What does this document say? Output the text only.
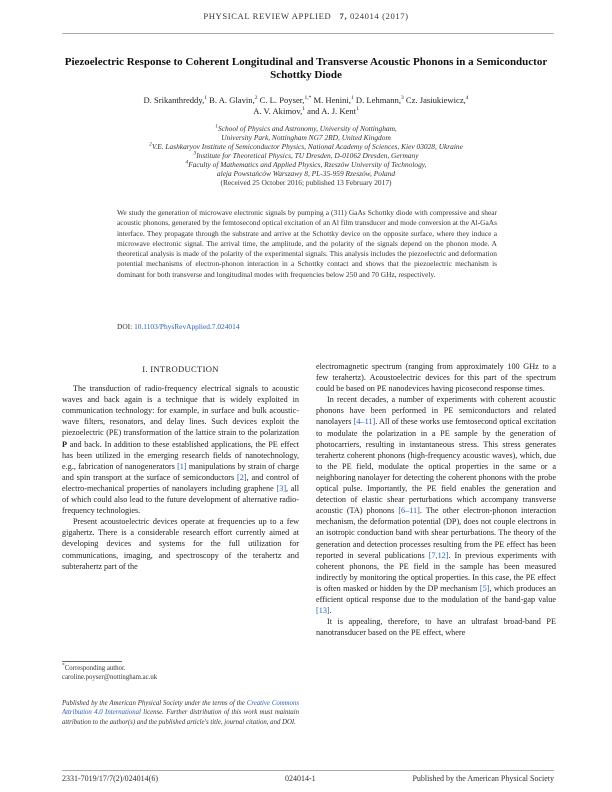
PHYSICAL REVIEW APPLIED 7, 024014 (2017)
Piezoelectric Response to Coherent Longitudinal and Transverse Acoustic Phonons in a Semiconductor Schottky Diode
D. Srikanthreddy,$^1$ B. A. Glavin,$^2$ C. L. Poyser,$^{1,*}$ M. Henini,$^1$ D. Lehmann,$^3$ Cz. Jasiukiewicz,$^4$
A. V. Akimov,$^1$ and A. J. Kent$^1$
$^1$School of Physics and Astronomy, University of Nottingham,
University Park, Nottingham NG7 2RD, United Kingdom
$^2$V.E. Lashkaryov Institute of Semiconductor Physics, National Academy of Sciences, Kiev 03028, Ukraine
$^3$Institute for Theoretical Physics, TU Dresden, D-01062 Dresden, Germany
$^4$Faculty of Mathematics and Applied Physics, Rzeszów University of Technology,
aleja Powstańców Warszawy 8, PL-35-959 Rzeszów, Poland
(Received 25 October 2016; published 13 February 2017)

We study the generation of microwave electronic signals by pumping a (311) GaAs Schottky diode with compressive and shear acoustic phonons, generated by the femtosecond optical excitation of an Al film transducer and mode conversion at the Al-GaAs interface. They propagate through the substrate and arrive at the Schottky device on the opposite surface, where they induce a microwave electronic signal. The arrival time, the amplitude, and the polarity of the signals depend on the phonon mode. A theoretical analysis is made of the polarity of the experimental signals. This analysis includes the piezoelectric and deformation potential mechanisms of electron-phonon interaction in a Schottky contact and shows that the piezoelectric mechanism is dominant for both transverse and longitudinal modes with frequencies below 250 and 70 GHz, respectively.

DOI: 10.1103/PhysRevApplied.7.024014
I. INTRODUCTION

The transduction of radio-frequency electrical signals to acoustic waves and back again is a technique that is widely exploited in communication technology: for example, in surface and bulk acoustic-wave filters, resonators, and delay lines. Such devices exploit the piezoelectric (PE) transformation of the lattice strain to the polarization P and back. In addition to these established applications, the PE effect has been utilized in the emerging research fields of nanotechnology, e.g., fabrication of nanogenerators [1] manipulations by strain of charge and spin transport at the surface of semiconductors [2], and control of electro-mechanical properties of nanolayers including graphene [3], all of which could also lead to the future development of alternative radio-frequency technologies.

Present acoustoelectric devices operate at frequencies up to a few gigahertz. There is a considerable research effort currently aimed at developing devices and systems for the full utilization for communications, imaging, and spectroscopy of the terahertz and subterahertz part of the

electromagnetic spectrum (ranging from approximately 100 GHz to a few terahertz). Acoustoelectric devices for this part of the spectrum could be based on PE nanodevices having picosecond response times.

In recent decades, a number of experiments with coherent acoustic phonons have been performed in PE semiconductors and related nanolayers [4–11]. All of these works use femtosecond optical excitation to modulate the polarization in a PE sample by the generation of photocarriers, resulting in instantaneous stress. This stress generates terahertz coherent phonons (high-frequency acoustic waves), which, due to the PE field, modulate the optical properties in the same or a neighboring nanolayer for detecting the coherent phonons with the probe optical pulse. Importantly, the PE field enables the generation and detection of elastic shear perturbations which accompany transverse acoustic (TA) phonons [6–11]. The other electron-phonon interaction mechanism, the deformation potential (DP), does not couple electrons in an isotropic conduction band with shear perturbations. The theory of the generation and detection processes resulting from the PE effect has been reported in several publications [7,12]. In previous experiments with coherent phonons, the PE field in the sample has been measured indirectly by monitoring the optical properties. In this case, the PE effect is often masked or hidden by the DP mechanism [5], which produces an efficient optical response due to the modulation of the band-gap value [13].

It is appealing, therefore, to have an ultrafast broad-band PE nanotransducer based on the PE effect, where

*Corresponding author.
caroline.poyser@nottingham.ac.uk
Published by the American Physical Society under the terms of the Creative Commons Attribution 4.0 International license. Further distribution of this work must maintain attribution to the author(s) and the published article's title, journal citation, and DOI.
2331-7019/17/7(2)/024014(6)	024014-1	Published by the American Physical Society
